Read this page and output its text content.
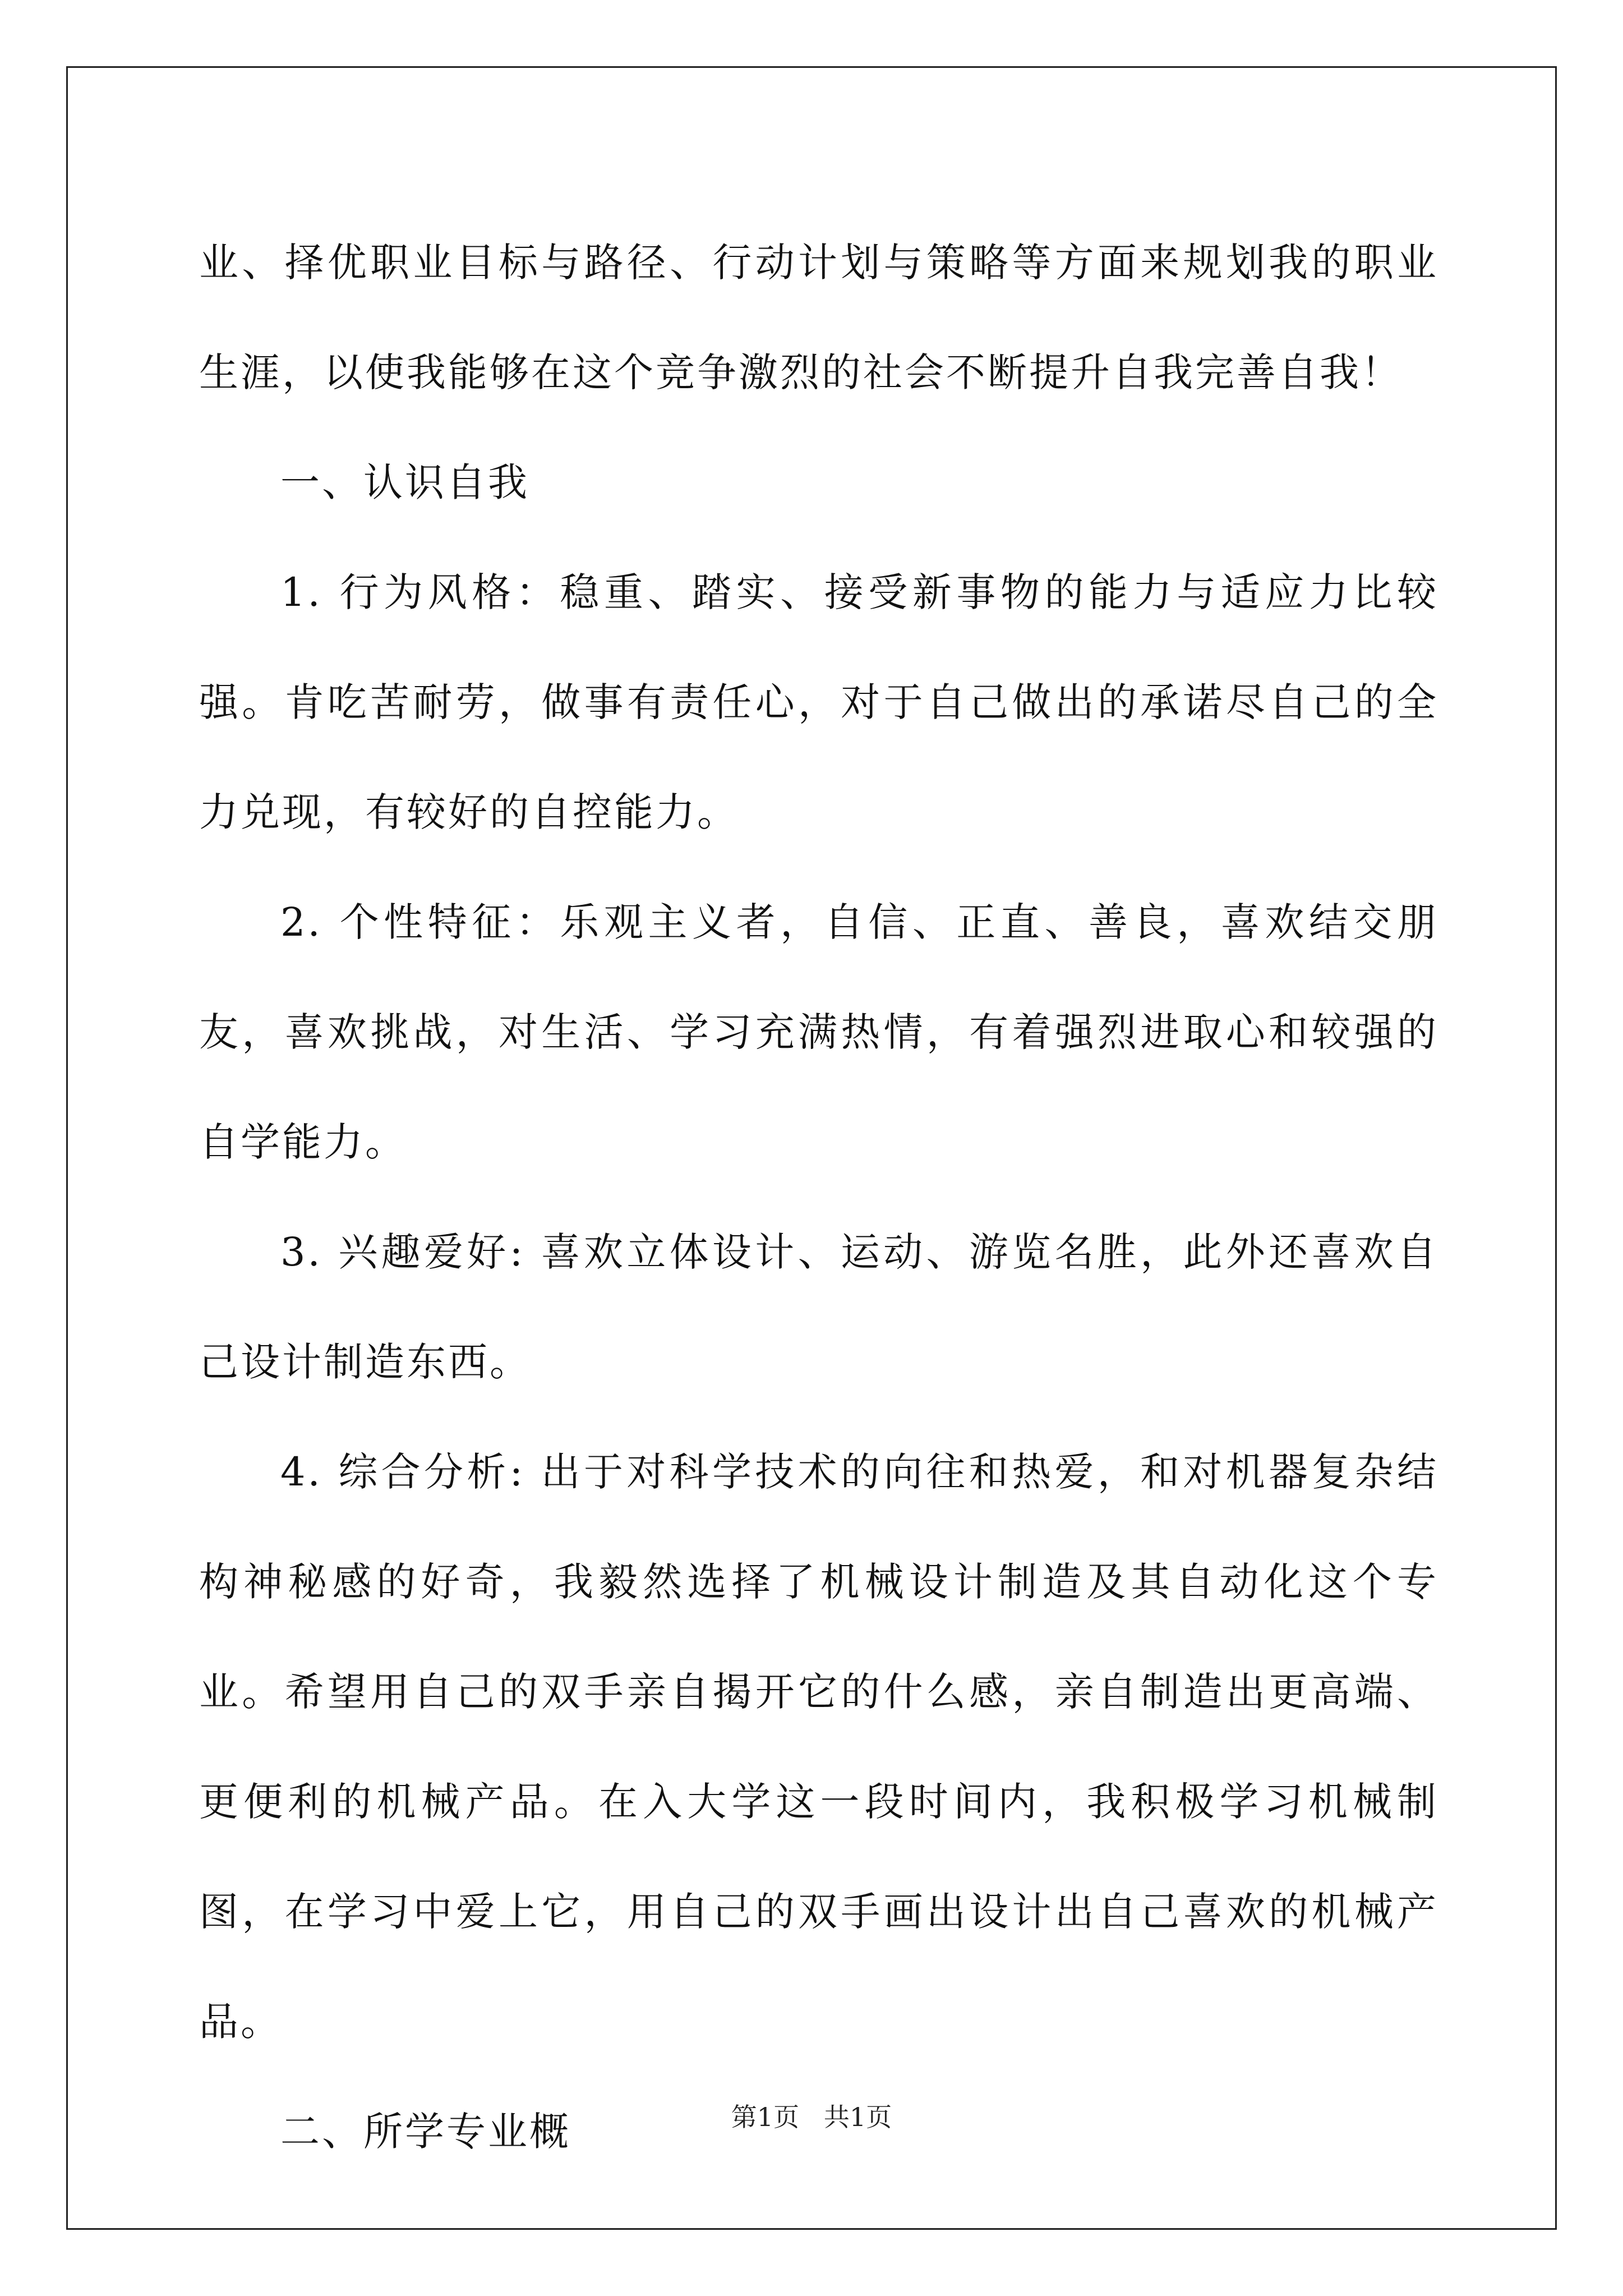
业、择优职业目标与路径、行动计划与策略等方面来规划我的职业生涯，以使我能够在这个竞争激烈的社会不断提升自我完善自我！

一、认识自我

1. 行为风格：稳重、踏实、接受新事物的能力与适应力比较强。肯吃苦耐劳，做事有责任心，对于自己做出的承诺尽自己的全力兑现，有较好的自控能力。

2. 个性特征：乐观主义者，自信、正直、善良，喜欢结交朋友，喜欢挑战，对生活、学习充满热情，有着强烈进取心和较强的自学能力。

3. 兴趣爱好: 喜欢立体设计、运动、游览名胜，此外还喜欢自己设计制造东西。

4. 综合分析: 出于对科学技术的向往和热爱，和对机器复杂结构神秘感的好奇，我毅然选择了机械设计制造及其自动化这个专业。希望用自己的双手亲自揭开它的什么感，亲自制造出更高端、更便利的机械产品。在入大学这一段时间内，我积极学习机械制图，在学习中爱上它，用自己的双手画出设计出自己喜欢的机械产品。

二、所学专业概	第1页   共1页
